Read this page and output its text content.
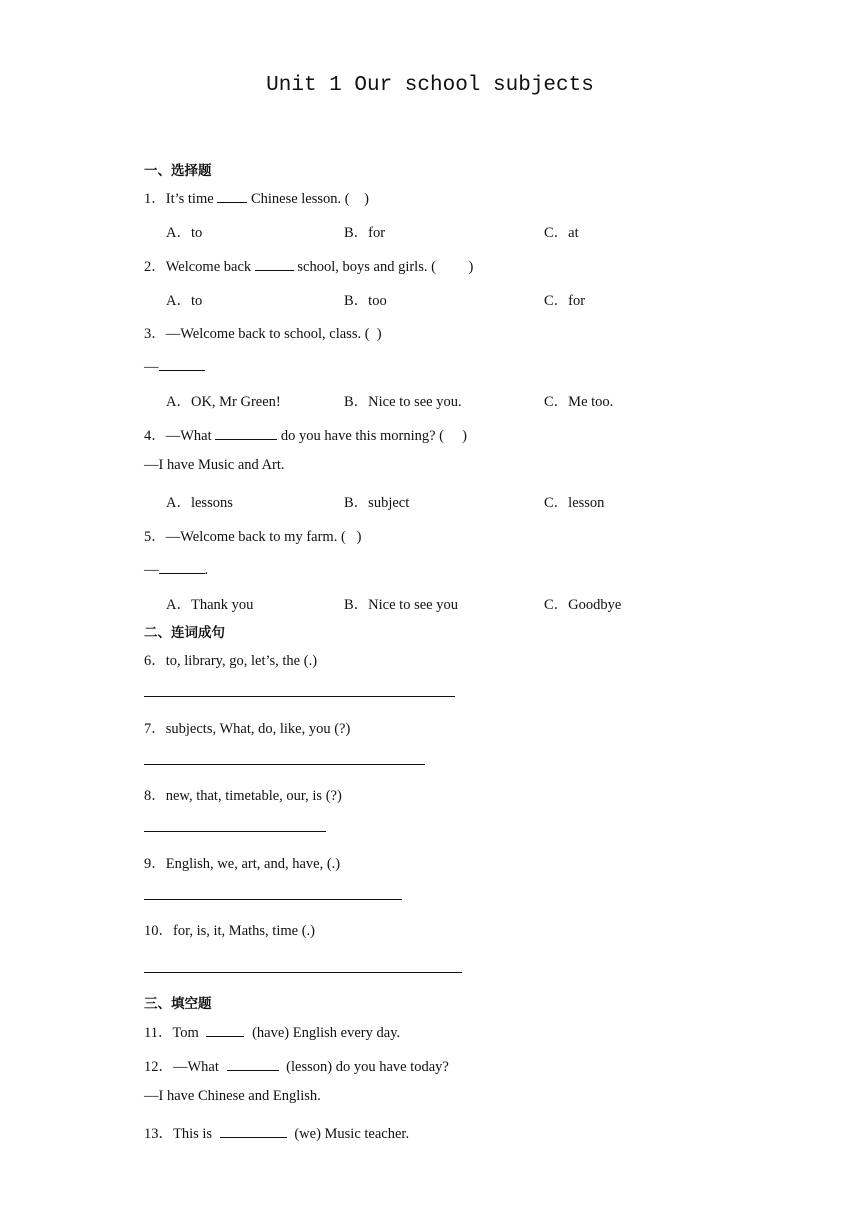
Unit 1 Our school subjects
一、选择题
1．It’s time  Chinese lesson. (    )
A．to	B．for	C．at
2．Welcome back	school, boys and girls. (         )
A．to	B．too	C．for
3．—Welcome back to school, class. (  )
—
A．OK, Mr Green!	B．Nice to see you.	C．Me too.
4．—What	do you have this morning? (     )
—I have Music and Art.
A．lessons	B．subject	C．lesson
5．—Welcome back to my farm. (   )
—	.
A．Thank you	B．Nice to see you	C．Goodbye
二、连词成句
6．to, library, go, let’s, the (.)
7．subjects, What, do, like, you (?)
8．new, that, timetable, our, is (?)
9．English, we, art, and, have, (.)
10．for, is, it, Maths, time (.)
三、填空题
11．Tom	(have) English every day.
12．—What	(lesson) do you have today?
—I have Chinese and English.
13．This is	(we) Music teacher.
